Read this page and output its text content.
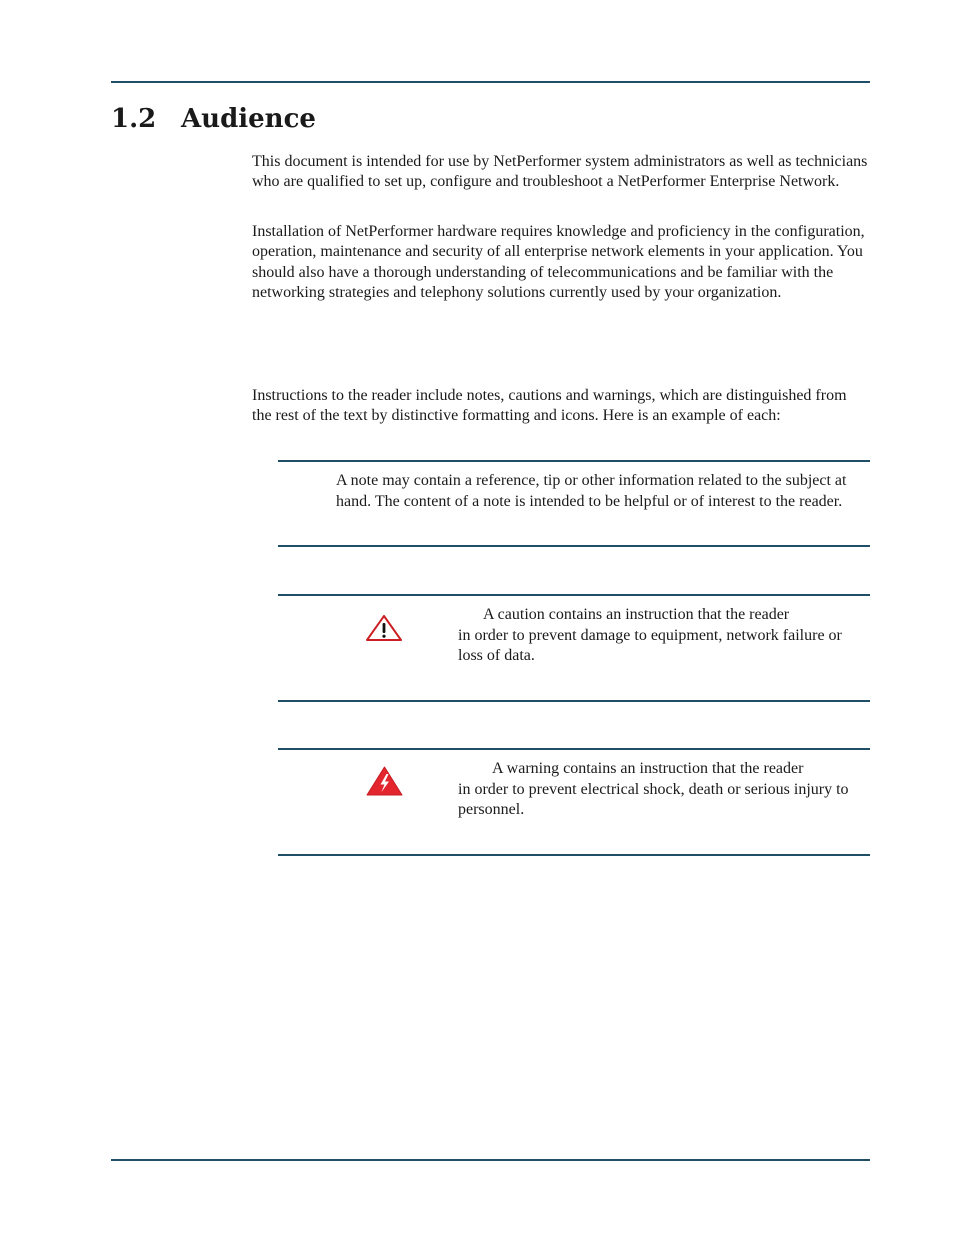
1.2 Audience

This document is intended for use by NetPerformer system administrators as well as technicians who are qualified to set up, configure and troubleshoot a NetPerformer Enterprise Network.

Installation of NetPerformer hardware requires knowledge and proficiency in the configuration, operation, maintenance and security of all enterprise network elements in your application. You should also have a thorough understanding of telecommunications and be familiar with the networking strategies and telephony solutions currently used by your organization.

Instructions to the reader include notes, cautions and warnings, which are distinguished from the rest of the text by distinctive formatting and icons. Here is an example of each:

A note may contain a reference, tip or other information related to the subject at hand. The content of a note is intended to be helpful or of interest to the reader.

A caution contains an instruction that the reader
in order to prevent damage to equipment, network failure or loss of data.

A warning contains an instruction that the reader
in order to prevent electrical shock, death or serious injury to personnel.
